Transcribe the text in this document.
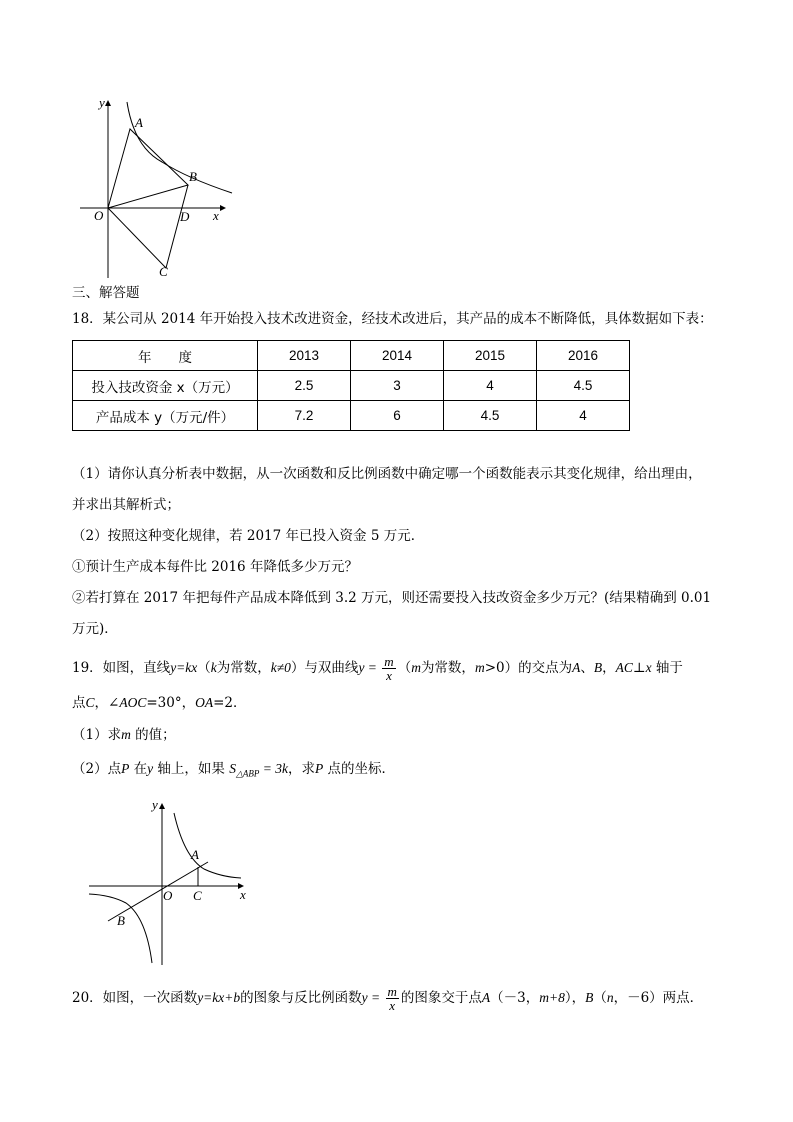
y
x
O
A
B
C
D
三、解答题
18．某公司从 2014 年开始投入技术改进资金，经技术改进后，其产品的成本不断降低，具体数据如下表：
年　　度	2013	2014	2015	2016
投入技改资金 x（万元）	2.5	3	4	4.5
产品成本 y（万元/件）	7.2	6	4.5	4
（1）请你认真分析表中数据，从一次函数和反比例函数中确定哪一个函数能表示其变化规律，给出理由，
并求出其解析式；
（2）按照这种变化规律，若 2017 年已投入资金 5 万元．
①预计生产成本每件比 2016 年降低多少万元？
②若打算在 2017 年把每件产品成本降低到 3.2 万元，则还需要投入技改资金多少万元？(结果精确到 0.01
万元)．
19．如图，直线y=kx（k为常数，k≠0）与双曲线$y = \frac{m}{x} (m$为常数，m>0）的交点为A、B，AC⊥x 轴于
点C，∠AOC=30°，OA=2．
（1）求m 的值；
（2）点P 在y 轴上，如果 $S_{\triangle ABP} = 3k$，求P 点的坐标．
y
x
O
A
B
C
20．如图，一次函数y=kx+b的图象与反比例函数$y = \frac{m}{x}$ 的图象交于点A（－3，m+8），B（n，－6）两点．
